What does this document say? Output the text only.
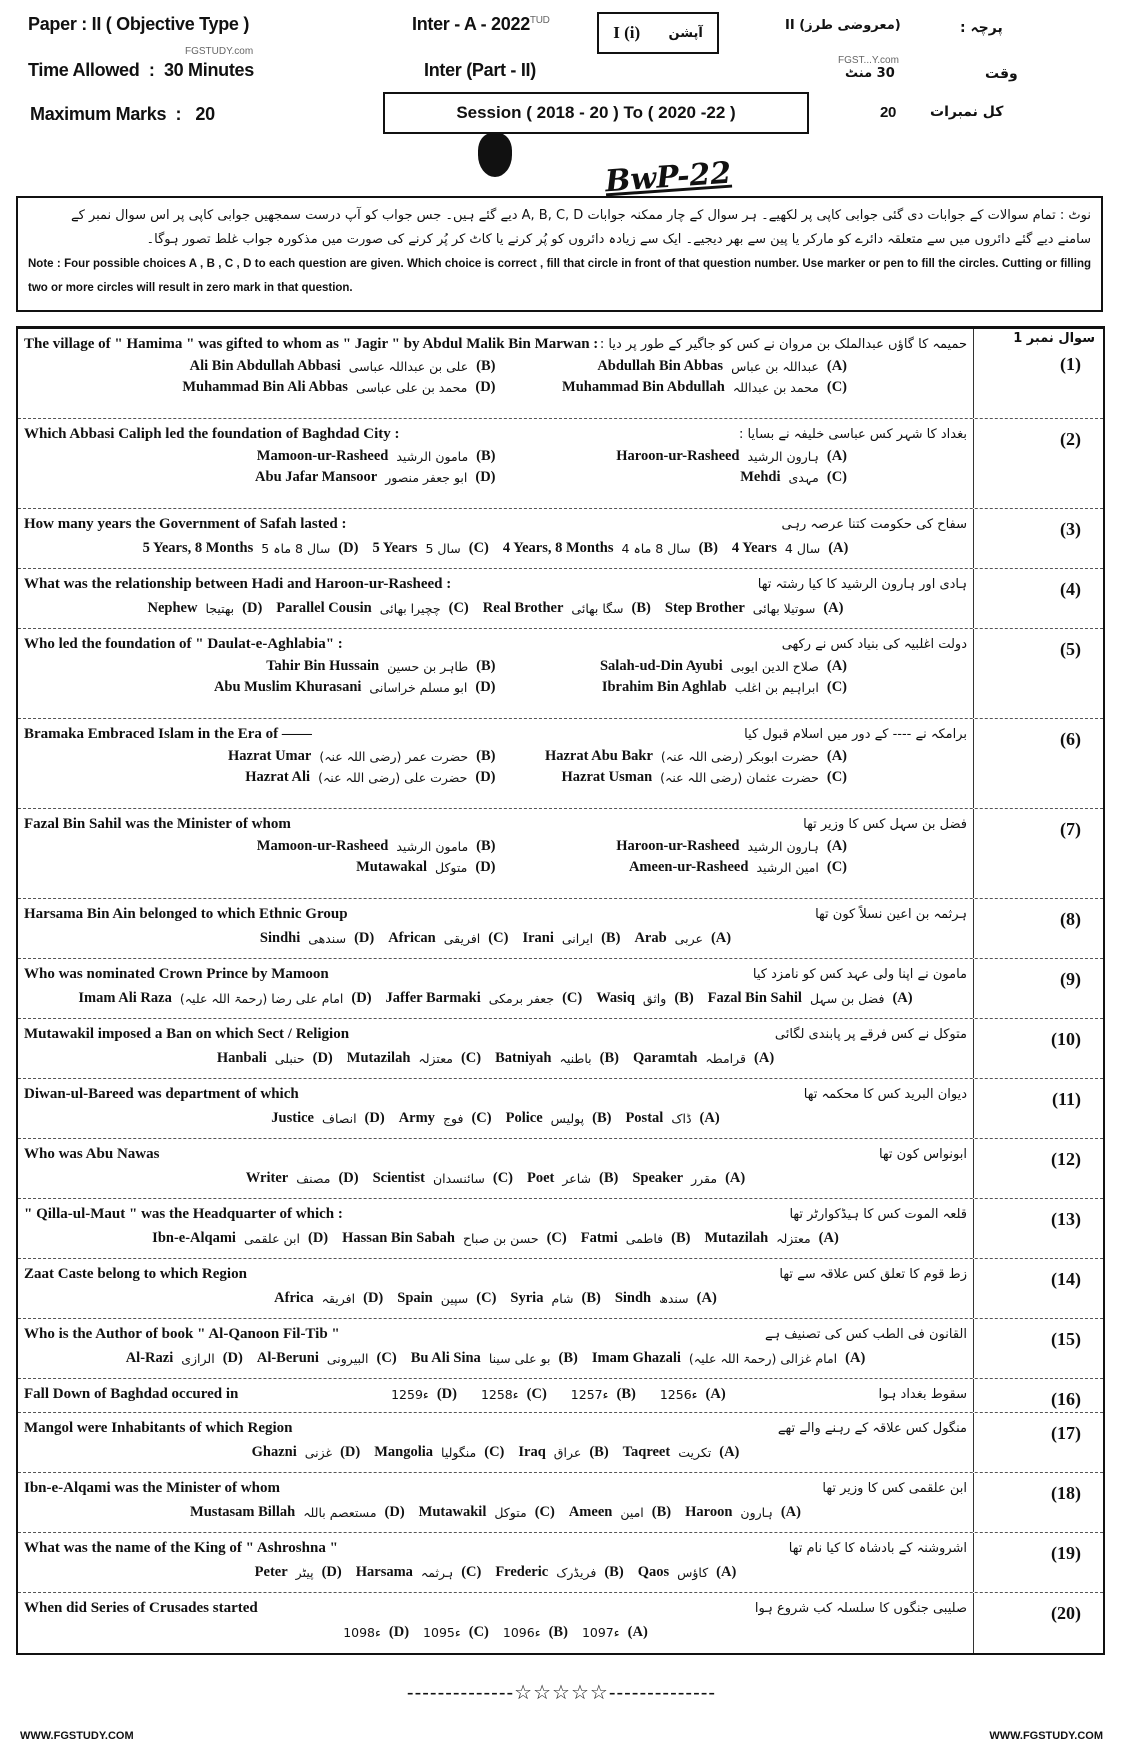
Paper : II ( Objective Type )	Inter - A - $2022^{TUD}$
I (i) آپشن	II (معروضی طرز)	پرچہ :
FGSTUDY.com
Time Allowed  :  30 Minutes	Inter (Part - II)	FGST...Y.com
30 منٹ	وقت
Maximum Marks  :   20	Session ( 2018 - 20 ) To ( 2020 -22 )	20 کل نمبرات
BwP-22
نوٹ : تمام سوالات کے جوابات دی گئی جوابی کاپی پر لکھیے۔ ہر سوال کے چار ممکنہ جوابات A, B, C, D دیے گئے ہیں۔ جس جواب کو آپ درست سمجھیں جوابی کاپی پر اس سوال نمبر کے
سامنے دیے گئے دائروں میں سے متعلقہ دائرے کو مارکر یا پین سے بھر دیجیے۔ ایک سے زیادہ دائروں کو پُر کرنے یا کاٹ کر پُر کرنے کی صورت میں مذکورہ جواب غلط تصور ہوگا۔
Note : Four possible choices A , B , C , D to each question are given. Which choice is correct , fill that circle in front of that question number. Use marker or pen to fill the circles. Cutting or filling two or more circles will result in zero mark in that question.
The village of " Hamima " was gifted to whom as " Jagir " by Abdul Malik Bin Marwan : حمیمہ کا گاؤں عبدالملک بن مروان نے کس کو جاگیر کے طور پر دیا :
Ali Bin Abdullah Abbasi علی بن عبداللہ عباسی (B)	Abdullah Bin Abbas عبداللہ بن عباس (A)
Muhammad Bin Ali Abbas محمد بن علی عباسی (D)	Muhammad Bin Abdullah محمد بن عبداللہ (C)
سوال نمبر 1
(1)
Which Abbasi Caliph led the foundation of Baghdad City :	بغداد کا شہر کس عباسی خلیفہ نے بسایا :
Mamoon-ur-Rasheed مامون الرشید (B)	Haroon-ur-Rasheed ہارون الرشید (A)
Abu Jafar Mansoor ابو جعفر منصور (D)	Mehdi مہدی (C)
(2)
How many years the Government of Safah lasted :	سفاح کی حکومت کتنا عرصہ رہی
5 Years, 8 Months 5 سال 8 ماہ (D) 5 Years 5 سال (C) 4 Years, 8 Months 4 سال 8 ماہ (B) 4 Years 4 سال (A)
(3)
What was the relationship between Hadi and Haroon-ur-Rasheed :	ہادی اور ہارون الرشید کا کیا رشتہ تھا
Nephew بھتیجا (D) Parallel Cousin چچیرا بھائی (C) Real Brother سگا بھائی (B) Step Brother سوتیلا بھائی (A)
(4)
Who led the foundation of " Daulat-e-Aghlabia" :	دولت اغلبیہ کی بنیاد کس نے رکھی
Tahir Bin Hussain طاہر بن حسین (B)	Salah-ud-Din Ayubi صلاح الدین ایوبی (A)
Abu Muslim Khurasani ابو مسلم خراسانی (D)	Ibrahim Bin Aghlab ابراہیم بن اغلب (C)
(5)
Bramaka Embraced Islam in the Era of ——	برامکہ نے ---- کے دور میں اسلام قبول کیا
Hazrat Umar حضرت عمر (رضی اللہ عنہ) (B)	Hazrat Abu Bakr حضرت ابوبکر (رضی اللہ عنہ) (A)
Hazrat Ali حضرت علی (رضی اللہ عنہ) (D)	Hazrat Usman حضرت عثمان (رضی اللہ عنہ) (C)
(6)
Fazal Bin Sahil was the Minister of whom	فضل بن سہل کس کا وزیر تھا
Mamoon-ur-Rasheed مامون الرشید (B)	Haroon-ur-Rasheed ہارون الرشید (A)
Mutawakal متوکل (D)	Ameen-ur-Rasheed امین الرشید (C)
(7)
Harsama Bin Ain belonged to which Ethnic Group	ہرثمہ بن اعین نسلاً کون تھا
Sindhi سندھی (D) African افریقی (C) Irani ایرانی (B) Arab عربی (A)
(8)
Who was nominated Crown Prince by Mamoon	مامون نے اپنا ولی عہد کس کو نامزد کیا
Imam Ali Raza امام علی رضا (رحمۃ اللہ علیہ) (D) Jaffer Barmaki جعفر برمکی (C) Wasiq واثق (B) Fazal Bin Sahil فضل بن سہل (A)
(9)
Mutawakil imposed a Ban on which Sect / Religion	متوکل نے کس فرقے پر پابندی لگائی
Hanbali حنبلی (D) Mutazilah معتزلہ (C) Batniyah باطنیہ (B) Qaramtah قرامطہ (A)
(10)
Diwan-ul-Bareed was department of which	دیوان البرید کس کا محکمہ تھا
Justice انصاف (D) Army فوج (C) Police پولیس (B) Postal ڈاک (A)
(11)
Who was Abu Nawas	ابونواس کون تھا
Writer مصنف (D) Scientist سائنسدان (C) Poet شاعر (B) Speaker مقرر (A)
(12)
" Qilla-ul-Maut " was the Headquarter of which :	قلعہ الموت کس کا ہیڈکوارٹر تھا
Ibn-e-Alqami ابن علقمی (D) Hassan Bin Sabah حسن بن صباح (C) Fatmi فاطمی (B) Mutazilah معتزلہ (A)
(13)
Zaat Caste belong to which Region	زط قوم کا تعلق کس علاقہ سے تھا
Africa افریقہ (D) Spain سپین (C) Syria شام (B) Sindh سندھ (A)
(14)
Who is the Author of book " Al-Qanoon Fil-Tib "	القانون فی الطب کس کی تصنیف ہے
Al-Razi الرازی (D) Al-Beruni البیرونی (C) Bu Ali Sina بو علی سینا (B) Imam Ghazali امام غزالی (رحمۃ اللہ علیہ) (A)
(15)
Fall Down of Baghdad occured in	1259ء (D) 1258ء (C) 1257ء (B) 1256ء (A)	سقوط بغداد ہوا	(16)
Mangol were Inhabitants of which Region	منگول کس علاقہ کے رہنے والے تھے
Ghazni غزنی (D) Mangolia منگولیا (C) Iraq عراق (B) Taqreet تکریت (A)
(17)
Ibn-e-Alqami was the Minister of whom	ابن علقمی کس کا وزیر تھا
Mustasam Billah مستعصم باللہ (D) Mutawakil متوکل (C) Ameen امین (B) Haroon ہارون (A)
(18)
What was the name of the King of " Ashroshna "	اشروشنہ کے بادشاہ کا کیا نام تھا
Peter پیٹر (D) Harsama ہرثمہ (C) Frederic فریڈرک (B) Qaos کاؤس (A)
(19)
When did Series of Crusades started	صلیبی جنگوں کا سلسلہ کب شروع ہوا
1098ء (D) 1095ء (C) 1096ء (B) 1097ء (A)
(20)
--------------☆☆☆☆☆--------------
WWW.FGSTUDY.COM	WWW.FGSTUDY.COM
